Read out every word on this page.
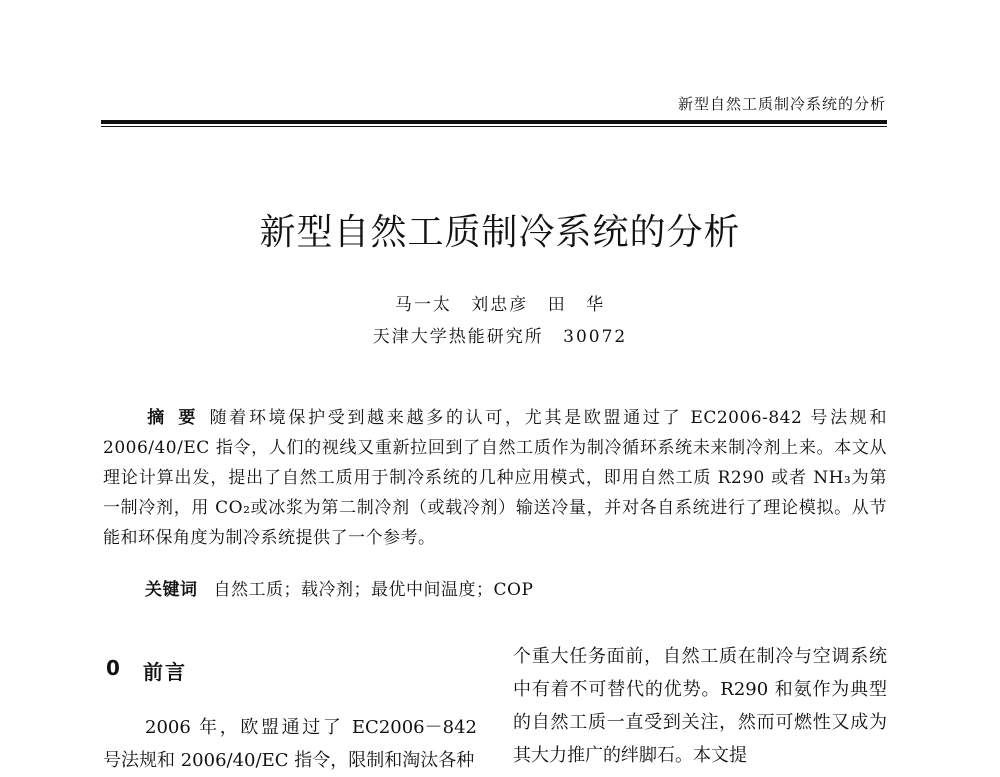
新型自然工质制冷系统的分析
新型自然工质制冷系统的分析
马一太 刘忠彦 田 华
天津大学热能研究所 30072
摘要随着环境保护受到越来越多的认可，尤其是欧盟通过了 EC2006-842 号法规和 2006/40/EC 指令，人们的视线又重新拉回到了自然工质作为制冷循环系统未来制冷剂上来。本文从理论计算出发，提出了自然工质用于制冷系统的几种应用模式，即用自然工质 R290 或者 NH₃为第一制冷剂，用 CO₂或冰浆为第二制冷剂（或载冷剂）输送冷量，并对各自系统进行了理论模拟。从节能和环保角度为制冷系统提供了一个参考。
关键词 自然工质；载冷剂；最优中间温度；COP
0 前言
2006 年，欧盟通过了 EC2006－842 号法规和 2006/40/EC 指令，限制和淘汰各种
个重大任务面前，自然工质在制冷与空调系统中有着不可替代的优势。R290 和氨作为典型的自然工质一直受到关注，然而可燃性又成为其大力推广的绊脚石。本文提
